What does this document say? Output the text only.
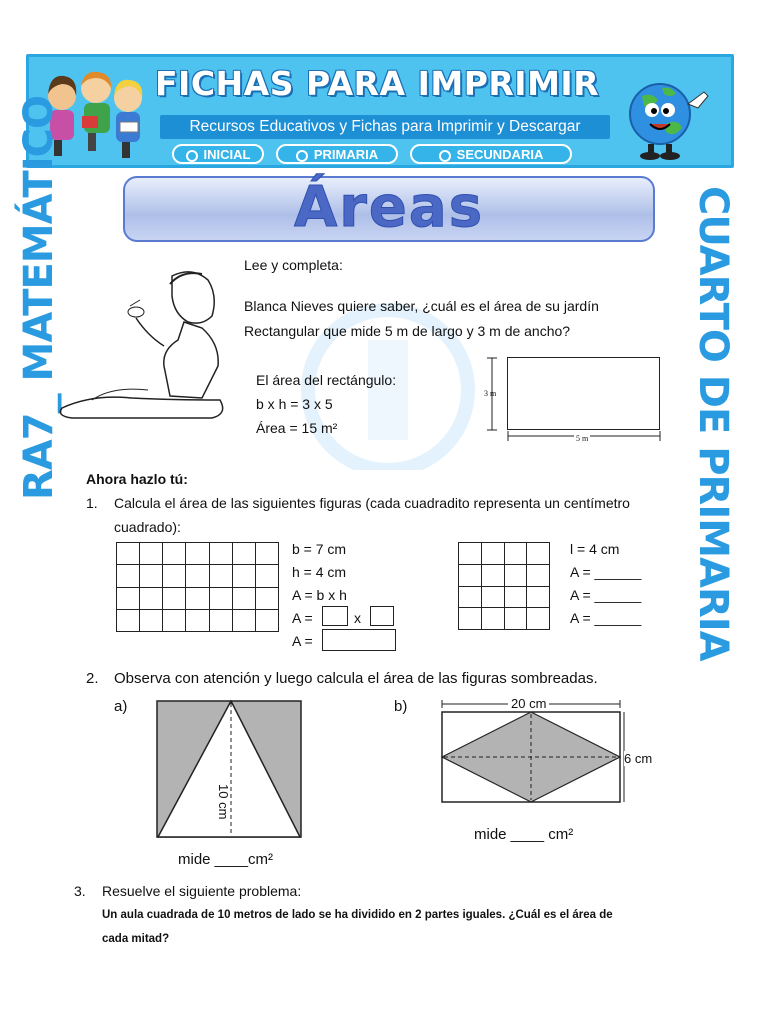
FICHAS PARA IMPRIMIR
Recursos Educativos y Fichas para Imprimir y Descargar
INICIAL	PRIMARIA	SECUNDARIA
Áreas
RA7_ MATEMÁTICO	CUARTO DE PRIMARIA
Lee y completa:
Blanca Nieves quiere saber, ¿cuál es el área de su jardín
Rectangular que mide 5 m de largo y 3 m de ancho?
El área del rectángulo:
b x h = 3 x 5
Área = 15 m²
3 m
5 m
Ahora hazlo tú:
1. Calcula el área de las siguientes figuras (cada cuadradito representa un centímetro
cuadrado):

b = 7 cm
h = 4 cm
A = b x h
A =	x
A =

l = 4 cm
A = ______
A = ______
A = ______
2. Observa con atención y luego calcula el área de las figuras sombreadas.
a)	b)
10 cm
mide ____cm²
20 cm
6 cm
mide ____ cm²
3. Resuelve el siguiente problema:
Un aula cuadrada de 10 metros de lado se ha dividido en 2 partes iguales. ¿Cuál es el área de
cada mitad?
